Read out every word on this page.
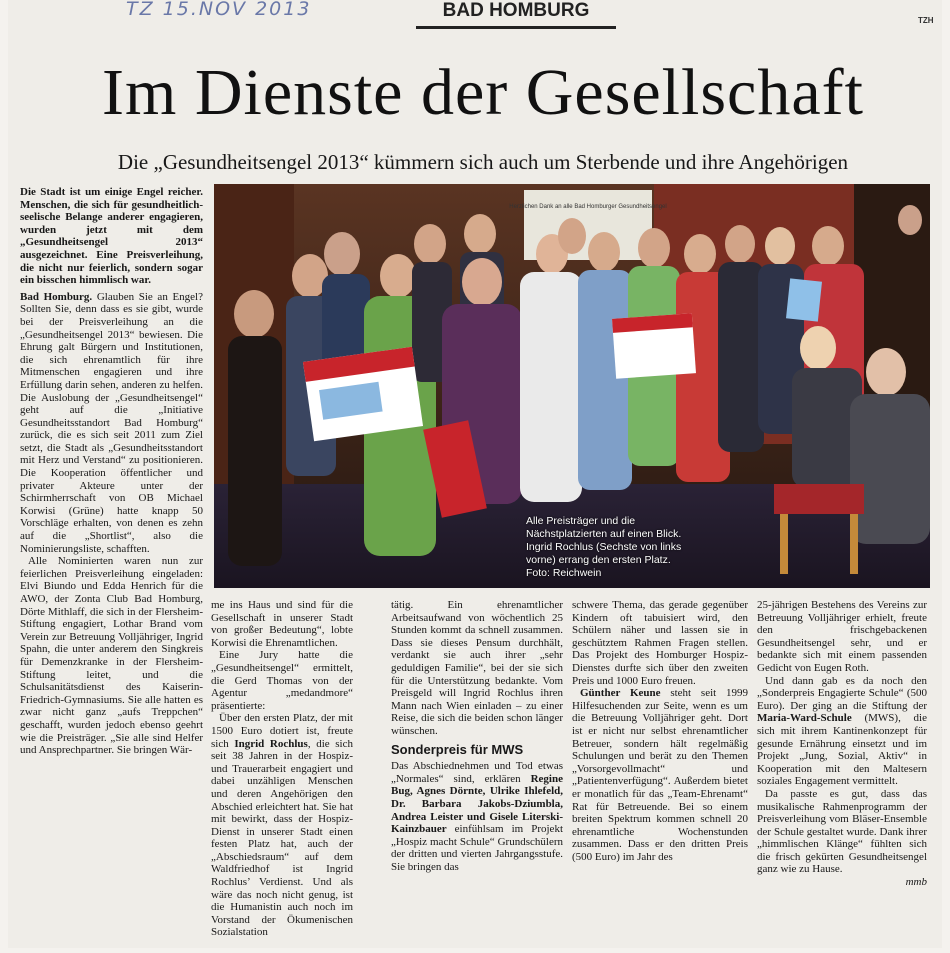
TZ 15.NOV 2013	BAD HOMBURG	TZH
Im Dienste der Gesellschaft
Die „Gesundheitsengel 2013“ kümmern sich auch um Sterbende und ihre Angehörigen

Die Stadt ist um einige Engel reicher. Menschen, die sich für gesundheitlich-seelische Belange anderer engagieren, wurden jetzt mit dem „Gesundheitsengel 2013“ ausgezeichnet. Eine Preisverleihung, die nicht nur feierlich, sondern sogar ein bisschen himmlisch war.

Bad Homburg. Glauben Sie an Engel? Sollten Sie, denn dass es sie gibt, wurde bei der Preisverleihung an die „Gesundheitsengel 2013“ bewiesen. Die Ehrung galt Bürgern und Institutionen, die sich ehrenamtlich für ihre Mitmenschen engagieren und ihre Erfüllung darin sehen, anderen zu helfen. Die Auslobung der „Gesundheitsengel“ geht auf die „Initiative Gesundheitsstandort Bad Homburg“ zurück, die es sich seit 2011 zum Ziel setzt, die Stadt als „Gesundheitsstandort mit Herz und Verstand“ zu positionieren. Die Kooperation öffentlicher und privater Akteure unter der Schirmherrschaft von OB Michael Korwisi (Grüne) hatte knapp 50 Vorschläge erhalten, von denen es zehn auf die „Shortlist“, also die Nominierungsliste, schafften.

Alle Nominierten waren nun zur feierlichen Preisverleihung eingeladen: Elvi Biundo und Edda Henrich für die AWO, der Zonta Club Bad Homburg, Dörte Mithlaff, die sich in der Flersheim-Stiftung engagiert, Lothar Brand vom Verein zur Betreuung Volljähriger, Ingrid Spahn, die unter anderem den Singkreis für Demenzkranke in der Flersheim-Stiftung leitet, und die Schulsanitätsdienst des Kaiserin-Friedrich-Gymnasiums. Sie alle hatten es zwar nicht ganz „aufs Treppchen“ geschafft, wurden jedoch ebenso geehrt wie die Preisträger. „Sie alle sind Helfer und Ansprechpartner. Sie bringen Wär-

Herzlichen Dank an alle Bad Homburger Gesundheitsengel
Alle Preisträger und die Nächstplatzierten auf einen Blick. Ingrid Rochlus (Sechste von links vorne) errang den ersten Platz. Foto: Reichwein

me ins Haus und sind für die Gesellschaft in unserer Stadt von großer Bedeutung“, lobte Korwisi die Ehrenamtlichen.

Eine Jury hatte die „Gesundheitsengel“ ermittelt, die Gerd Thomas von der Agentur „medandmore“ präsentierte:

Über den ersten Platz, der mit 1500 Euro dotiert ist, freute sich Ingrid Rochlus, die sich seit 38 Jahren in der Hospiz- und Trauerarbeit engagiert und dabei unzähligen Menschen und deren Angehörigen den Abschied erleichtert hat. Sie hat mit bewirkt, dass der Hospiz-Dienst in unserer Stadt einen festen Platz hat, auch der „Abschiedsraum“ auf dem Waldfriedhof ist Ingrid Rochlus’ Verdienst. Und als wäre das noch nicht genug, ist die Humanistin auch noch im Vorstand der Ökumenischen Sozialstation

tätig. Ein ehrenamtlicher Arbeitsaufwand von wöchentlich 25 Stunden kommt da schnell zusammen. Dass sie dieses Pensum durchhält, verdankt sie auch ihrer „sehr geduldigen Familie“, bei der sie sich für die Unterstützung bedankte. Vom Preisgeld will Ingrid Rochlus ihren Mann nach Wien einladen – zu einer Reise, die sich die beiden schon länger wünschen.

Sonderpreis für MWS

Das Abschiednehmen und Tod etwas „Normales“ sind, erklären Regine Bug, Agnes Dörnte, Ulrike Ihlefeld, Dr. Barbara Jakobs-Dziumbla, Andrea Leister und Gisele Literski-Kainzbauer einfühlsam im Projekt „Hospiz macht Schule“ Grundschülern der dritten und vierten Jahrgangsstufe. Sie bringen das

schwere Thema, das gerade gegenüber Kindern oft tabuisiert wird, den Schülern näher und lassen sie in geschütztem Rahmen Fragen stellen. Das Projekt des Homburger Hospiz-Dienstes durfte sich über den zweiten Preis und 1000 Euro freuen.

Günther Keune steht seit 1999 Hilfesuchenden zur Seite, wenn es um die Betreuung Volljähriger geht. Dort ist er nicht nur selbst ehrenamtlicher Betreuer, sondern hält regelmäßig Schulungen und berät zu den Themen „Vorsorgevollmacht“ und „Patientenverfügung“. Außerdem bietet er monatlich für das „Team-Ehrenamt“ Rat für Betreuende. Bei so einem breiten Spektrum kommen schnell 20 ehrenamtliche Wochenstunden zusammen. Dass er den dritten Preis (500 Euro) im Jahr des

25-jährigen Bestehens des Vereins zur Betreuung Volljähriger erhielt, freute den frischgebackenen Gesundheitsengel sehr, und er bedankte sich mit einem passenden Gedicht von Eugen Roth.

Und dann gab es da noch den „Sonderpreis Engagierte Schule“ (500 Euro). Der ging an die Stiftung der Maria-Ward-Schule (MWS), die sich mit ihrem Kantinenkonzept für gesunde Ernährung einsetzt und im Projekt „Jung, Sozial, Aktiv“ in Kooperation mit den Maltesern soziales Engagement vermittelt.

Da passte es gut, dass das musikalische Rahmenprogramm der Preisverleihung vom Bläser-Ensemble der Schule gestaltet wurde. Dank ihrer „himmlischen Klänge“ fühlten sich die frisch gekürten Gesundheitsengel ganz wie zu Hause.

mmb
